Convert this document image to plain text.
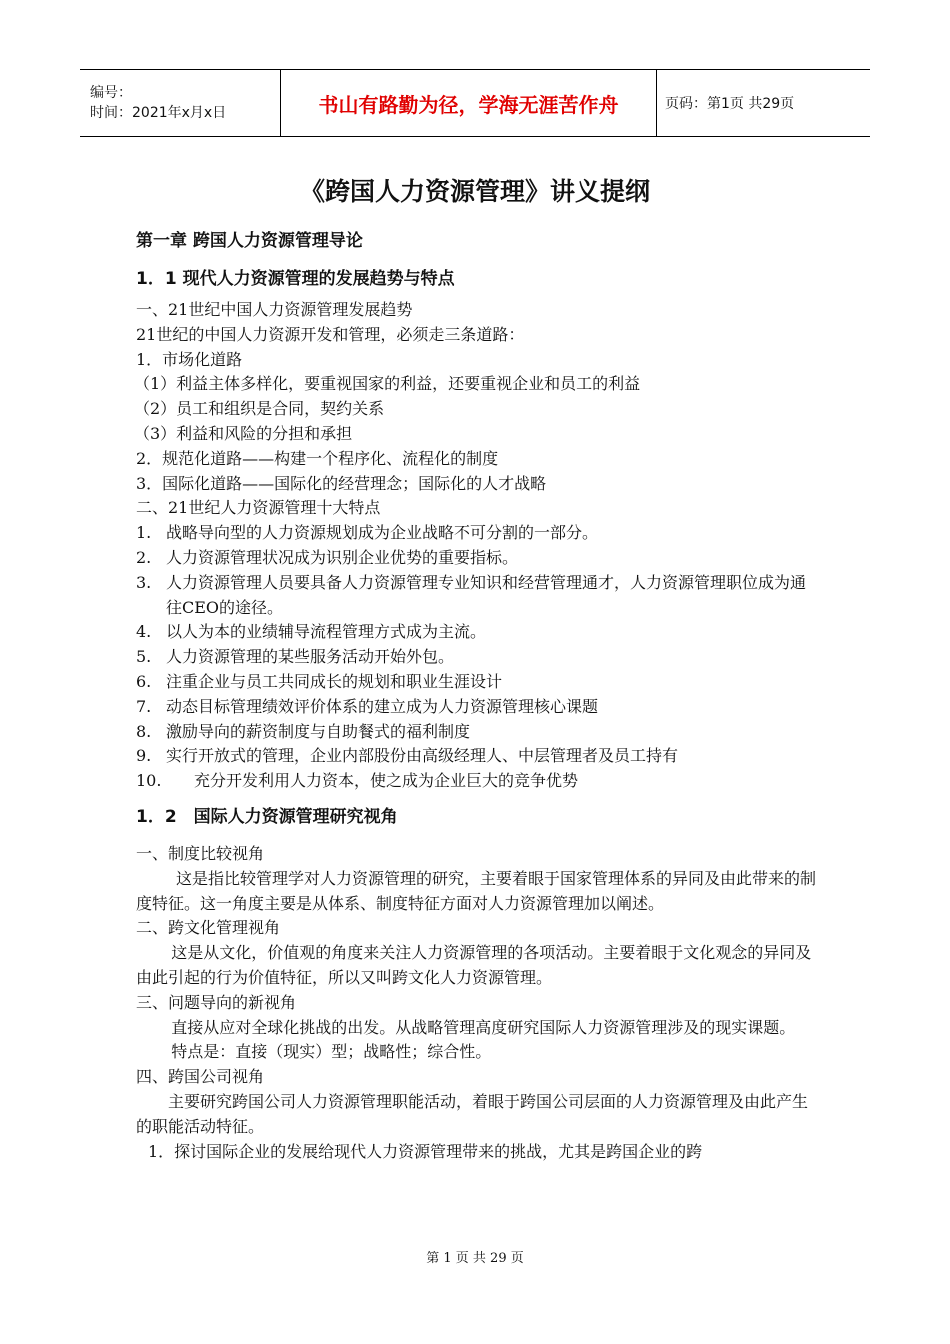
编号：
时间：2021年x月x日	书山有路勤为径，学海无涯苦作舟	页码：第1页 共29页
《跨国人力资源管理》讲义提纲
第一章 跨国人力资源管理导论
1．1 现代人力资源管理的发展趋势与特点
一、21世纪中国人力资源管理发展趋势
21世纪的中国人力资源开发和管理，必须走三条道路：
1．市场化道路
（1）利益主体多样化，要重视国家的利益，还要重视企业和员工的利益
（2）员工和组织是合同，契约关系
（3）利益和风险的分担和承担
2．规范化道路——构建一个程序化、流程化的制度
3．国际化道路——国际化的经营理念；国际化的人才战略
二、21世纪人力资源管理十大特点
1. 战略导向型的人力资源规划成为企业战略不可分割的一部分。
2. 人力资源管理状况成为识别企业优势的重要指标。
3. 人力资源管理人员要具备人力资源管理专业知识和经营管理通才，人力资源管理职位成为通往CEO的途径。
4. 以人为本的业绩辅导流程管理方式成为主流。
5. 人力资源管理的某些服务活动开始外包。
6. 注重企业与员工共同成长的规划和职业生涯设计
7. 动态目标管理绩效评价体系的建立成为人力资源管理核心课题
8. 激励导向的薪资制度与自助餐式的福利制度
9. 实行开放式的管理，企业内部股份由高级经理人、中层管理者及员工持有
10.	充分开发利用人力资本，使之成为企业巨大的竞争优势
1．2　国际人力资源管理研究视角
一、制度比较视角
这是指比较管理学对人力资源管理的研究，主要着眼于国家管理体系的异同及由此带来的制度特征。这一角度主要是从体系、制度特征方面对人力资源管理加以阐述。
二、跨文化管理视角
这是从文化，价值观的角度来关注人力资源管理的各项活动。主要着眼于文化观念的异同及由此引起的行为价值特征，所以又叫跨文化人力资源管理。
三、问题导向的新视角
直接从应对全球化挑战的出发。从战略管理高度研究国际人力资源管理涉及的现实课题。
特点是：直接（现实）型；战略性；综合性。
四、跨国公司视角
主要研究跨国公司人力资源管理职能活动，着眼于跨国公司层面的人力资源管理及由此产生的职能活动特征。
1．探讨国际企业的发展给现代人力资源管理带来的挑战，尤其是跨国企业的跨
第 1 页 共 29 页
